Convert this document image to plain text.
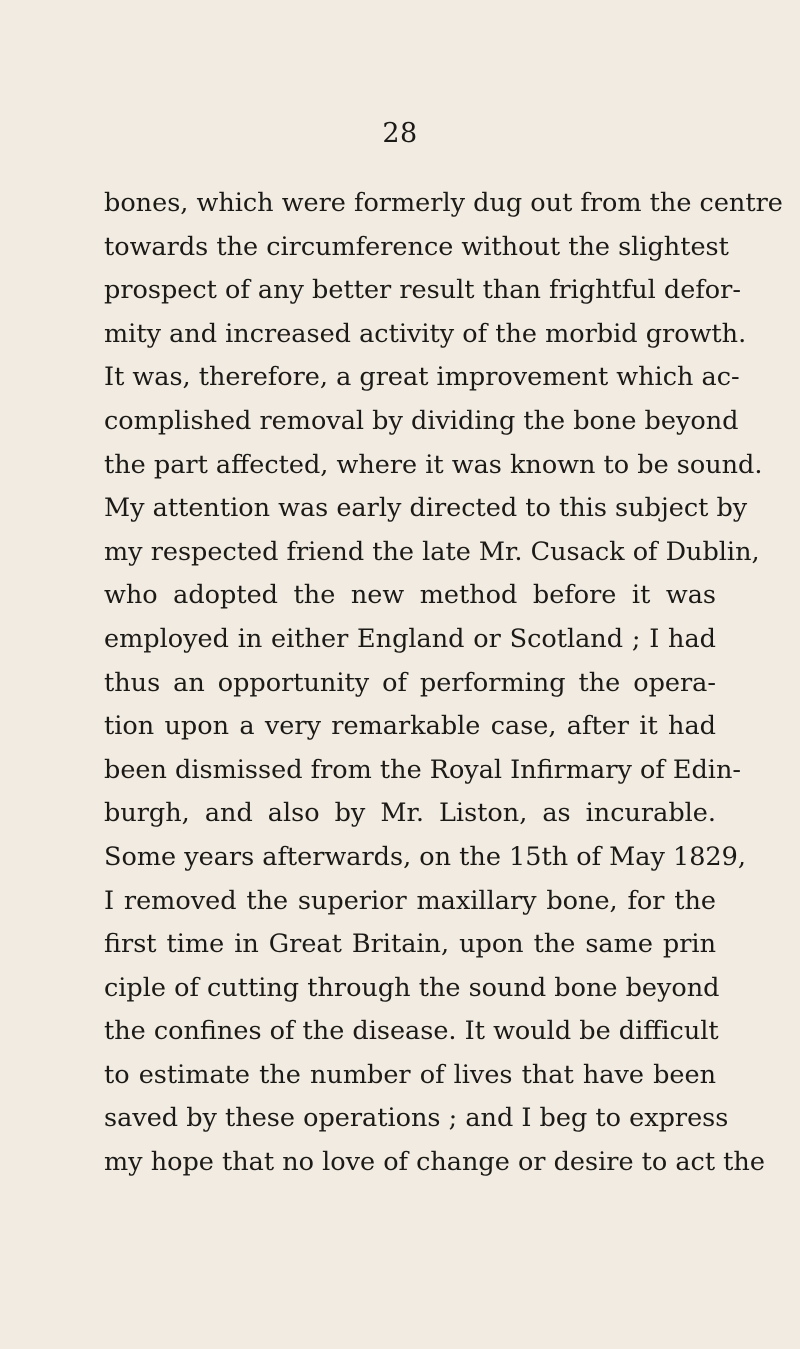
28
bones, which were formerly dug out from the centre
towards the circumference without the slightest
prospect of any better result than frightful defor-
mity and increased activity of the morbid growth.
It was, therefore, a great improvement which ac-
complished removal by dividing the bone beyond
the part affected, where it was known to be sound.
My attention was early directed to this subject by
my respected friend the late Mr. Cusack of Dublin,
who adopted the new method before it was
employed in either England or Scotland ; I had
thus an opportunity of performing the opera-
tion upon a very remarkable case, after it had
been dismissed from the Royal Infirmary of Edin-
burgh, and also by Mr. Liston, as incurable.
Some years afterwards, on the 15th of May 1829,
I removed the superior maxillary bone, for the
first time in Great Britain, upon the same prin
ciple of cutting through the sound bone beyond
the confines of the disease. It would be difficult
to estimate the number of lives that have been
saved by these operations ; and I beg to express
my hope that no love of change or desire to act the
